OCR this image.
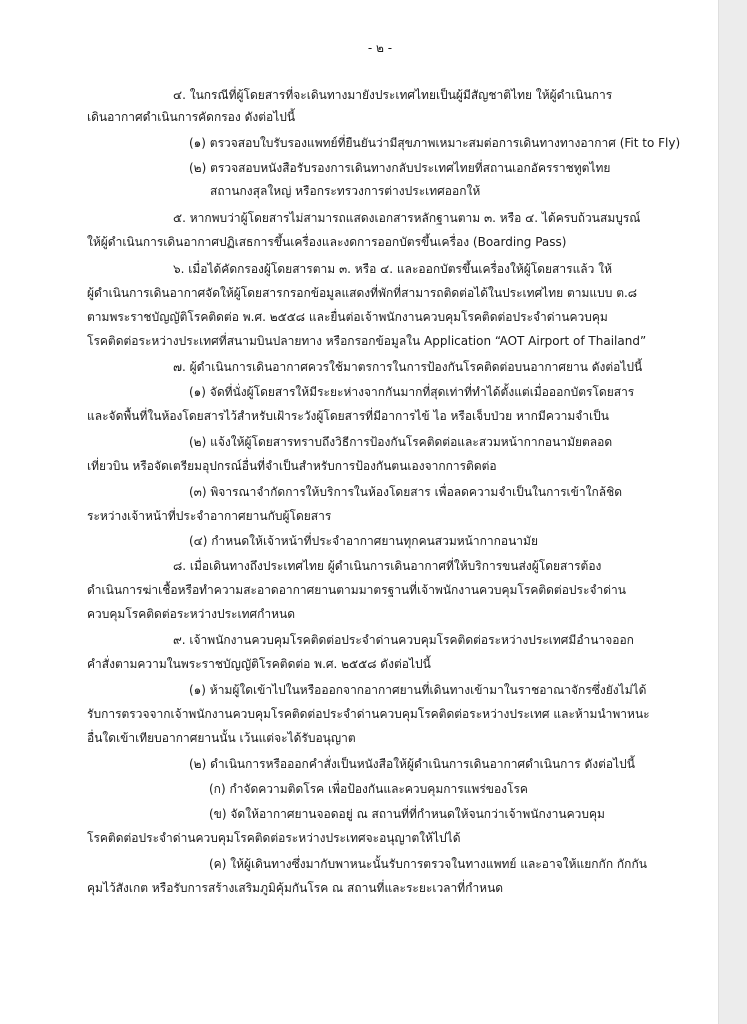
- ๒ -
๔. ในกรณีที่ผู้โดยสารที่จะเดินทางมายังประเทศไทยเป็นผู้มีสัญชาติไทย ให้ผู้ดำเนินการ
เดินอากาศดำเนินการคัดกรอง ดังต่อไปนี้
(๑) ตรวจสอบใบรับรองแพทย์ที่ยืนยันว่ามีสุขภาพเหมาะสมต่อการเดินทางทางอากาศ (Fit to Fly)
(๒) ตรวจสอบหนังสือรับรองการเดินทางกลับประเทศไทยที่สถานเอกอัครราชทูตไทย
สถานกงสุลใหญ่ หรือกระทรวงการต่างประเทศออกให้
๕. หากพบว่าผู้โดยสารไม่สามารถแสดงเอกสารหลักฐานตาม ๓. หรือ ๔. ได้ครบถ้วนสมบูรณ์
ให้ผู้ดำเนินการเดินอากาศปฏิเสธการขึ้นเครื่องและงดการออกบัตรขึ้นเครื่อง (Boarding Pass)
๖. เมื่อได้คัดกรองผู้โดยสารตาม ๓. หรือ ๔. และออกบัตรขึ้นเครื่องให้ผู้โดยสารแล้ว ให้
ผู้ดำเนินการเดินอากาศจัดให้ผู้โดยสารกรอกข้อมูลแสดงที่พักที่สามารถติดต่อได้ในประเทศไทย ตามแบบ ต.๘
ตามพระราชบัญญัติโรคติดต่อ พ.ศ. ๒๕๕๘ และยื่นต่อเจ้าพนักงานควบคุมโรคติดต่อประจำด่านควบคุม
โรคติดต่อระหว่างประเทศที่สนามบินปลายทาง หรือกรอกข้อมูลใน Application “AOT Airport of Thailand”
๗. ผู้ดำเนินการเดินอากาศควรใช้มาตรการในการป้องกันโรคติดต่อบนอากาศยาน ดังต่อไปนี้
(๑) จัดที่นั่งผู้โดยสารให้มีระยะห่างจากกันมากที่สุดเท่าที่ทำได้ตั้งแต่เมื่อออกบัตรโดยสาร
และจัดพื้นที่ในห้องโดยสารไว้สำหรับเฝ้าระวังผู้โดยสารที่มีอาการไข้ ไอ หรือเจ็บป่วย หากมีความจำเป็น
(๒) แจ้งให้ผู้โดยสารทราบถึงวิธีการป้องกันโรคติดต่อและสวมหน้ากากอนามัยตลอด
เที่ยวบิน หรือจัดเตรียมอุปกรณ์อื่นที่จำเป็นสำหรับการป้องกันตนเองจากการติดต่อ
(๓) พิจารณาจำกัดการให้บริการในห้องโดยสาร เพื่อลดความจำเป็นในการเข้าใกล้ชิด
ระหว่างเจ้าหน้าที่ประจำอากาศยานกับผู้โดยสาร
(๔) กำหนดให้เจ้าหน้าที่ประจำอากาศยานทุกคนสวมหน้ากากอนามัย
๘. เมื่อเดินทางถึงประเทศไทย ผู้ดำเนินการเดินอากาศที่ให้บริการขนส่งผู้โดยสารต้อง
ดำเนินการฆ่าเชื้อหรือทำความสะอาดอากาศยานตามมาตรฐานที่เจ้าพนักงานควบคุมโรคติดต่อประจำด่าน
ควบคุมโรคติดต่อระหว่างประเทศกำหนด
๙. เจ้าพนักงานควบคุมโรคติดต่อประจำด่านควบคุมโรคติดต่อระหว่างประเทศมีอำนาจออก
คำสั่งตามความในพระราชบัญญัติโรคติดต่อ พ.ศ. ๒๕๕๘ ดังต่อไปนี้
(๑) ห้ามผู้ใดเข้าไปในหรือออกจากอากาศยานที่เดินทางเข้ามาในราชอาณาจักรซึ่งยังไม่ได้
รับการตรวจจากเจ้าพนักงานควบคุมโรคติดต่อประจำด่านควบคุมโรคติดต่อระหว่างประเทศ และห้ามนำพาหนะ
อื่นใดเข้าเทียบอากาศยานนั้น เว้นแต่จะได้รับอนุญาต
(๒) ดำเนินการหรือออกคำสั่งเป็นหนังสือให้ผู้ดำเนินการเดินอากาศดำเนินการ ดังต่อไปนี้
(ก) กำจัดความติดโรค เพื่อป้องกันและควบคุมการแพร่ของโรค
(ข) จัดให้อากาศยานจอดอยู่ ณ สถานที่ที่กำหนดให้จนกว่าเจ้าพนักงานควบคุม
โรคติดต่อประจำด่านควบคุมโรคติดต่อระหว่างประเทศจะอนุญาตให้ไปได้
(ค) ให้ผู้เดินทางซึ่งมากับพาหนะนั้นรับการตรวจในทางแพทย์ และอาจให้แยกกัก กักกัน
คุมไว้สังเกต หรือรับการสร้างเสริมภูมิคุ้มกันโรค ณ สถานที่และระยะเวลาที่กำหนด
